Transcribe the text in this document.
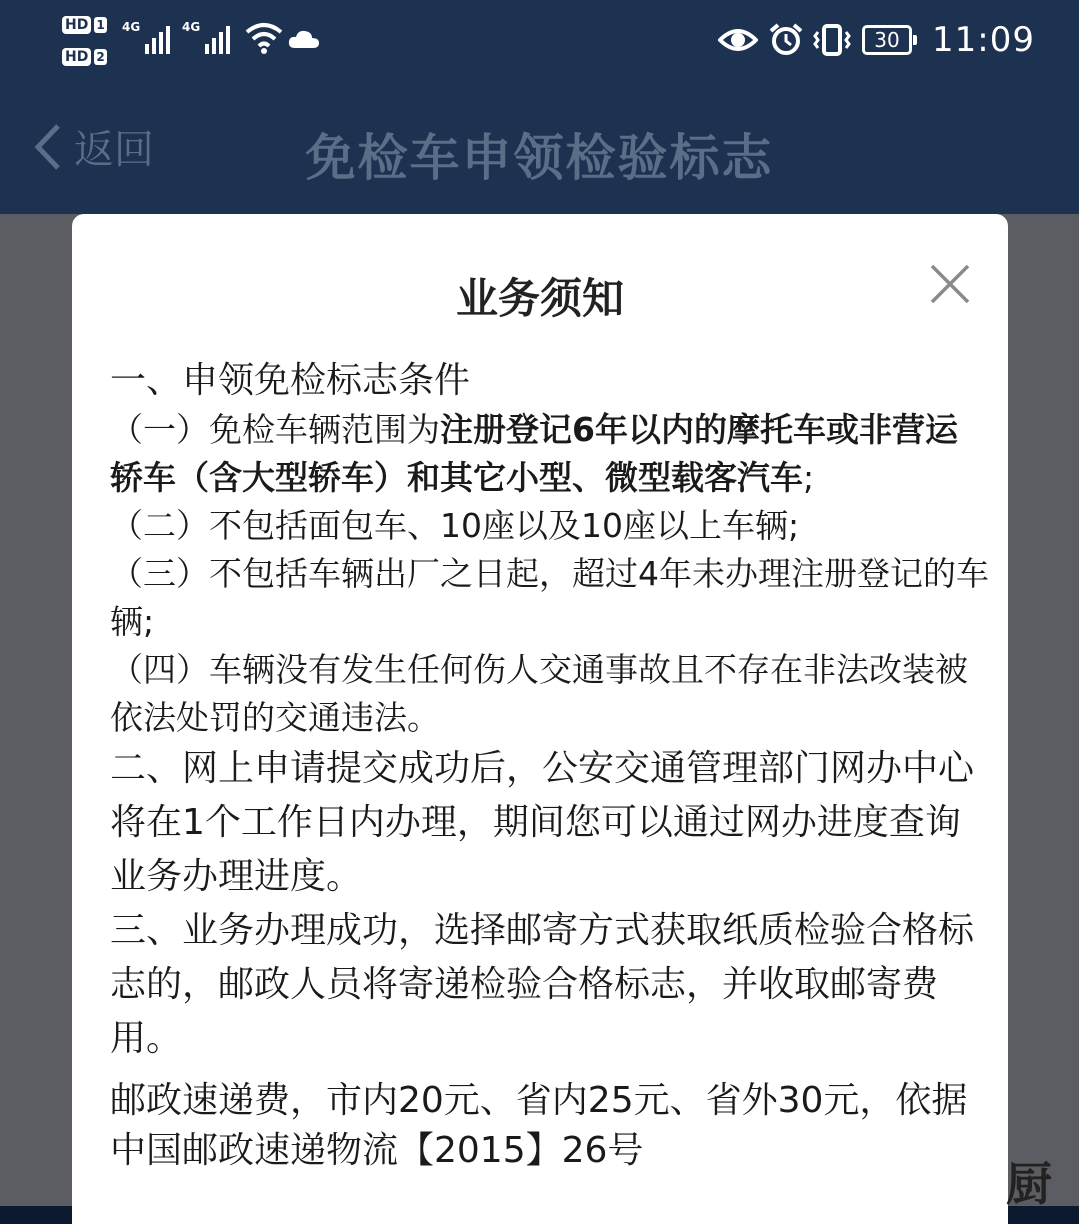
HD 1
HD 2
4G	4G
30 11:09
返回	免检车申领检验标志
业务须知

一、申领免检标志条件

（一）免检车辆范围为注册登记6年以内的摩托车或非营运轿车（含大型轿车）和其它小型、微型载客汽车;

（二）不包括面包车、10座以及10座以上车辆;

（三）不包括车辆出厂之日起，超过4年未办理注册登记的车辆;

（四）车辆没有发生任何伤人交通事故且不存在非法改装被依法处罚的交通违法。

二、网上申请提交成功后，公安交通管理部门网办中心将在1个工作日内办理，期间您可以通过网办进度查询业务办理进度。

三、业务办理成功，选择邮寄方式获取纸质检验合格标志的，邮政人员将寄递检验合格标志，并收取邮寄费用。

邮政速递费，市内20元、省内25元、省外30元，依据中国邮政速递物流【2015】26号

厨
